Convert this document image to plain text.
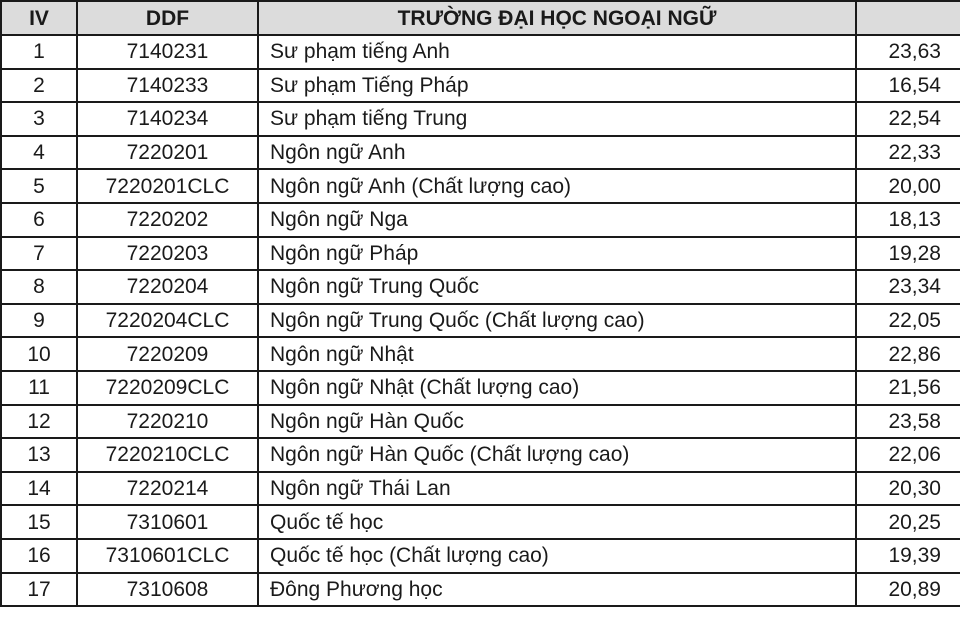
IV	DDF	TRƯỜNG ĐẠI HỌC NGOẠI NGỮ	
1	7140231	Sư phạm tiếng Anh	23,63
2	7140233	Sư phạm Tiếng Pháp	16,54
3	7140234	Sư phạm tiếng Trung	22,54
4	7220201	Ngôn ngữ Anh	22,33
5	7220201CLC	Ngôn ngữ Anh (Chất lượng cao)	20,00
6	7220202	Ngôn ngữ Nga	18,13
7	7220203	Ngôn ngữ Pháp	19,28
8	7220204	Ngôn ngữ Trung Quốc	23,34
9	7220204CLC	Ngôn ngữ Trung Quốc (Chất lượng cao)	22,05
10	7220209	Ngôn ngữ Nhật	22,86
11	7220209CLC	Ngôn ngữ Nhật (Chất lượng cao)	21,56
12	7220210	Ngôn ngữ Hàn Quốc	23,58
13	7220210CLC	Ngôn ngữ Hàn Quốc (Chất lượng cao)	22,06
14	7220214	Ngôn ngữ Thái Lan	20,30
15	7310601	Quốc tế học	20,25
16	7310601CLC	Quốc tế học (Chất lượng cao)	19,39
17	7310608	Đông Phương học	20,89
